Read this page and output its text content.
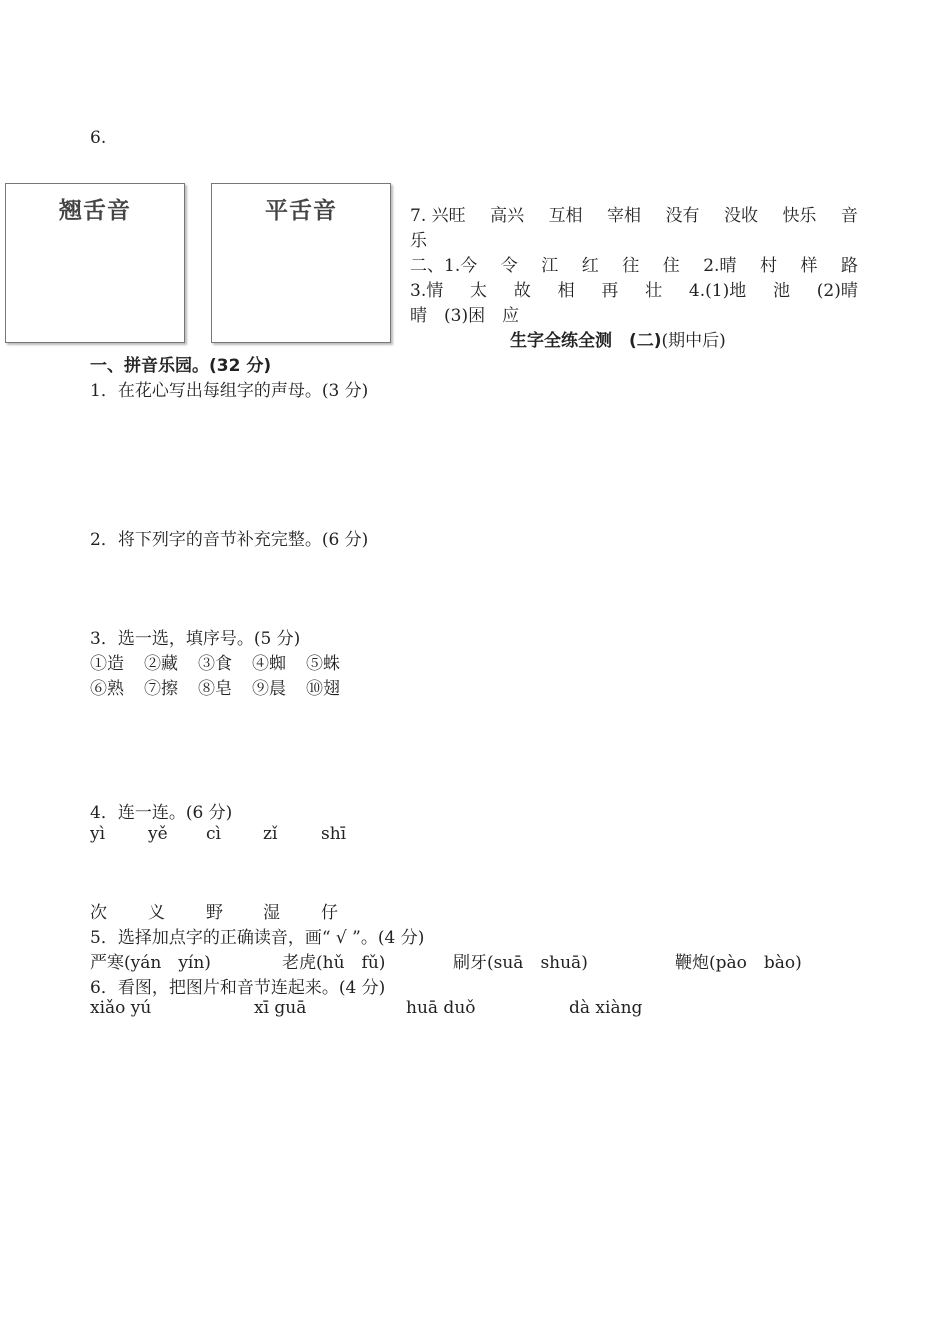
6.
翘舌音	平舌音	7. 兴旺 高兴 互相 宰相 没有 没收 快乐 音
乐
二、1.今 令 江 红 往 住 2.晴 村 样 路
3.情 太 故 相 再 壮 4.(1)地 池 (2)晴
晴　(3)困　应
生字全练全测　(二)(期中后)
一、拼音乐园。(32 分)
1．在花心写出每组字的声母。(3 分)
2．将下列字的音节补充完整。(6 分)
3．选一选，填序号。(5 分)
①造 ②藏 ③食 ④蜘 ⑤蛛
⑥熟 ⑦擦 ⑧皂 ⑨晨 ⑩翅
4．连一连。(6 分)
yì	yě cì zǐ	shī
次 义 野 湿 仔
5．选择加点字的正确读音，画“ √ ”。(4 分)
严寒(yán　yín)	老虎(hǔ　fǔ)	刷牙(suā　shuā)	鞭炮(pào　bào)
6．看图，把图片和音节连起来。(4 分)
xiǎo yú	xī guā	huā duǒ	dà xiàng
